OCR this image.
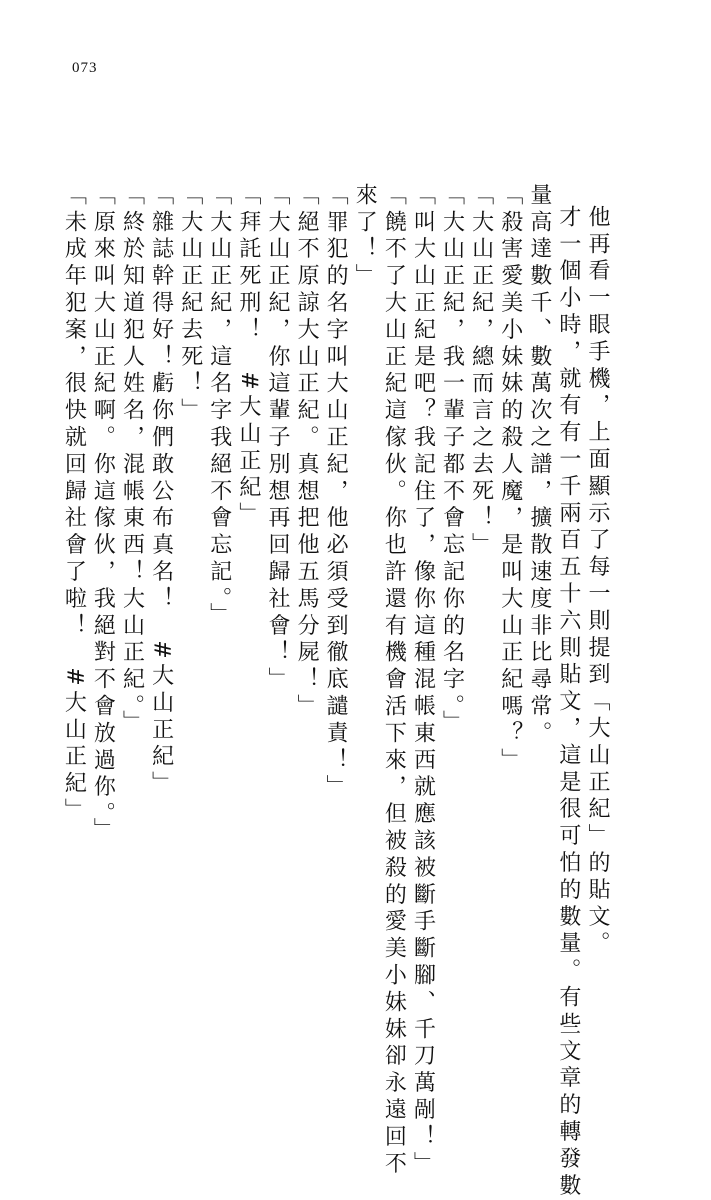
073
他再看一眼手機，上面顯示了每一則提到「大山正紀」的貼文。
才一個小時，就有有一千兩百五十六則貼文，這是很可怕的數量。有些文章的轉發數
量高達數千、數萬次之譜，擴散速度非比尋常。
「殺害愛美小妹妹的殺人魔，是叫大山正紀嗎？」
「大山正紀，總而言之去死！」
「大山正紀，我一輩子都不會忘記你的名字。」
「叫大山正紀是吧？我記住了，像你這種混帳東西就應該被斷手斷腳、千刀萬剮！」
「饒不了大山正紀這傢伙。你也許還有機會活下來，但被殺的愛美小妹妹卻永遠回不
來了！」
「罪犯的名字叫大山正紀，他必須受到徹底譴責！」
「絕不原諒大山正紀。真想把他五馬分屍！」
「大山正紀，你這輩子別想再回歸社會！」
「拜託死刑！　#大山正紀」
「大山正紀，這名字我絕不會忘記。」
「大山正紀去死！」
「雜誌幹得好！虧你們敢公布真名！　#大山正紀」
「終於知道犯人姓名，混帳東西！大山正紀。」
「原來叫大山正紀啊。你這傢伙，我絕對不會放過你。」
「未成年犯案，很快就回歸社會了啦！　#大山正紀」
